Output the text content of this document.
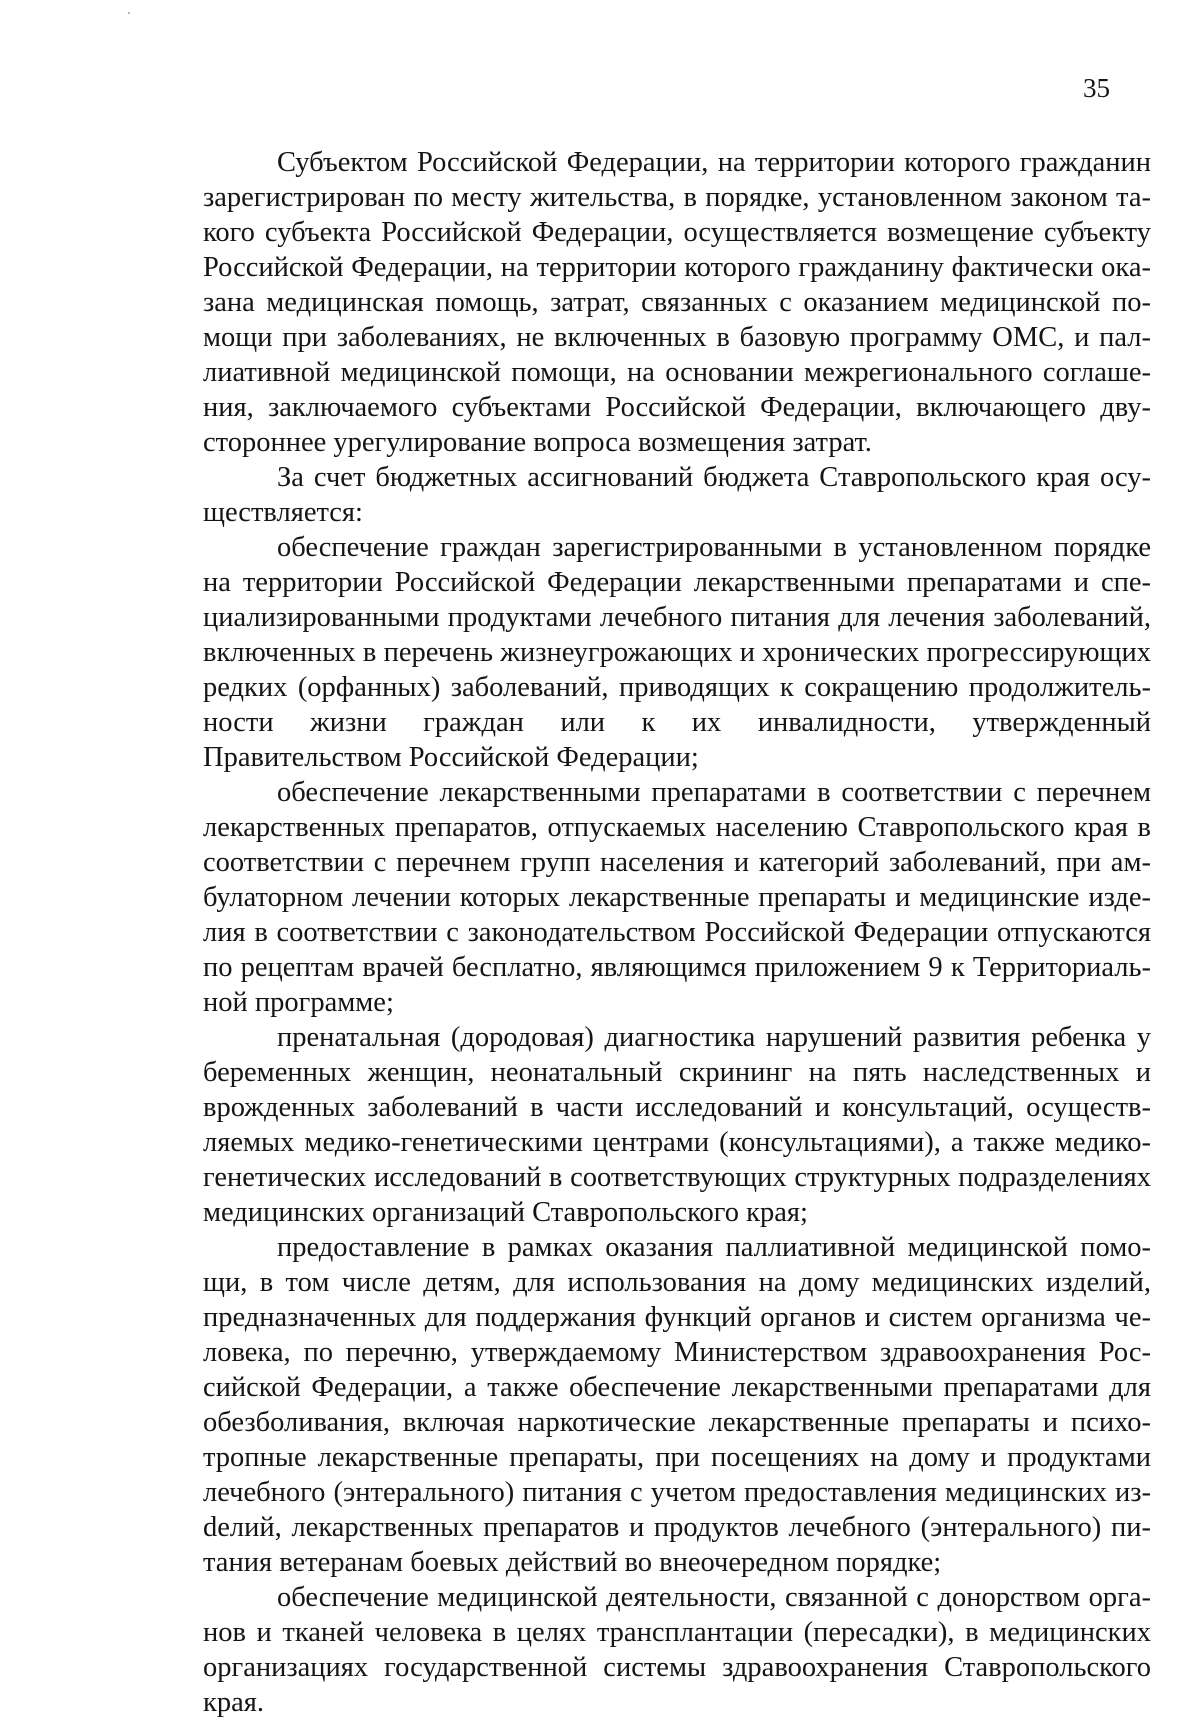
35

Субъектом Российской Федерации, на территории которого гражданин зарегистрирован по месту жительства, в порядке, установленном законом такого субъекта Российской Федерации, осуществляется возмещение субъекту Российской Федерации, на территории которого гражданину фактически оказана медицинская помощь, затрат, связанных с оказанием медицинской помощи при заболеваниях, не включенных в базовую программу ОМС, и паллиативной медицинской помощи, на основании межрегионального соглашения, заключаемого субъектами Российской Федерации, включающего двустороннее урегулирование вопроса возмещения затрат.

За счет бюджетных ассигнований бюджета Ставропольского края осуществляется:

обеспечение граждан зарегистрированными в установленном порядке на территории Российской Федерации лекарственными препаратами и специализированными продуктами лечебного питания для лечения заболеваний, включенных в перечень жизнеугрожающих и хронических прогрессирующих редких (орфанных) заболеваний, приводящих к сокращению продолжительности жизни граждан или к их инвалидности, утвержденный Правительством Российской Федерации;

обеспечение лекарственными препаратами в соответствии с перечнем лекарственных препаратов, отпускаемых населению Ставропольского края в соответствии с перечнем групп населения и категорий заболеваний, при амбулаторном лечении которых лекарственные препараты и медицинские изделия в соответствии с законодательством Российской Федерации отпускаются по рецептам врачей бесплатно, являющимся приложением 9 к Территориальной программе;

пренатальная (дородовая) диагностика нарушений развития ребенка у беременных женщин, неонатальный скрининг на пять наследственных и врожденных заболеваний в части исследований и консультаций, осуществляемых медико-генетическими центрами (консультациями), а также медико-генетических исследований в соответствующих структурных подразделениях медицинских организаций Ставропольского края;

предоставление в рамках оказания паллиативной медицинской помощи, в том числе детям, для использования на дому медицинских изделий, предназначенных для поддержания функций органов и систем организма человека, по перечню, утверждаемому Министерством здравоохранения Российской Федерации, а также обеспечение лекарственными препаратами для обезболивания, включая наркотические лекарственные препараты и психотропные лекарственные препараты, при посещениях на дому и продуктами лечебного (энтерального) питания с учетом предоставления медицинских изdелий, лекарственных препаратов и продуктов лечебного (энтерального) питания ветеранам боевых действий во внеочередном порядке;

обеспечение медицинской деятельности, связанной с донорством органов и тканей человека в целях трансплантации (пересадки), в медицинских организациях государственной системы здравоохранения Ставропольского края.
